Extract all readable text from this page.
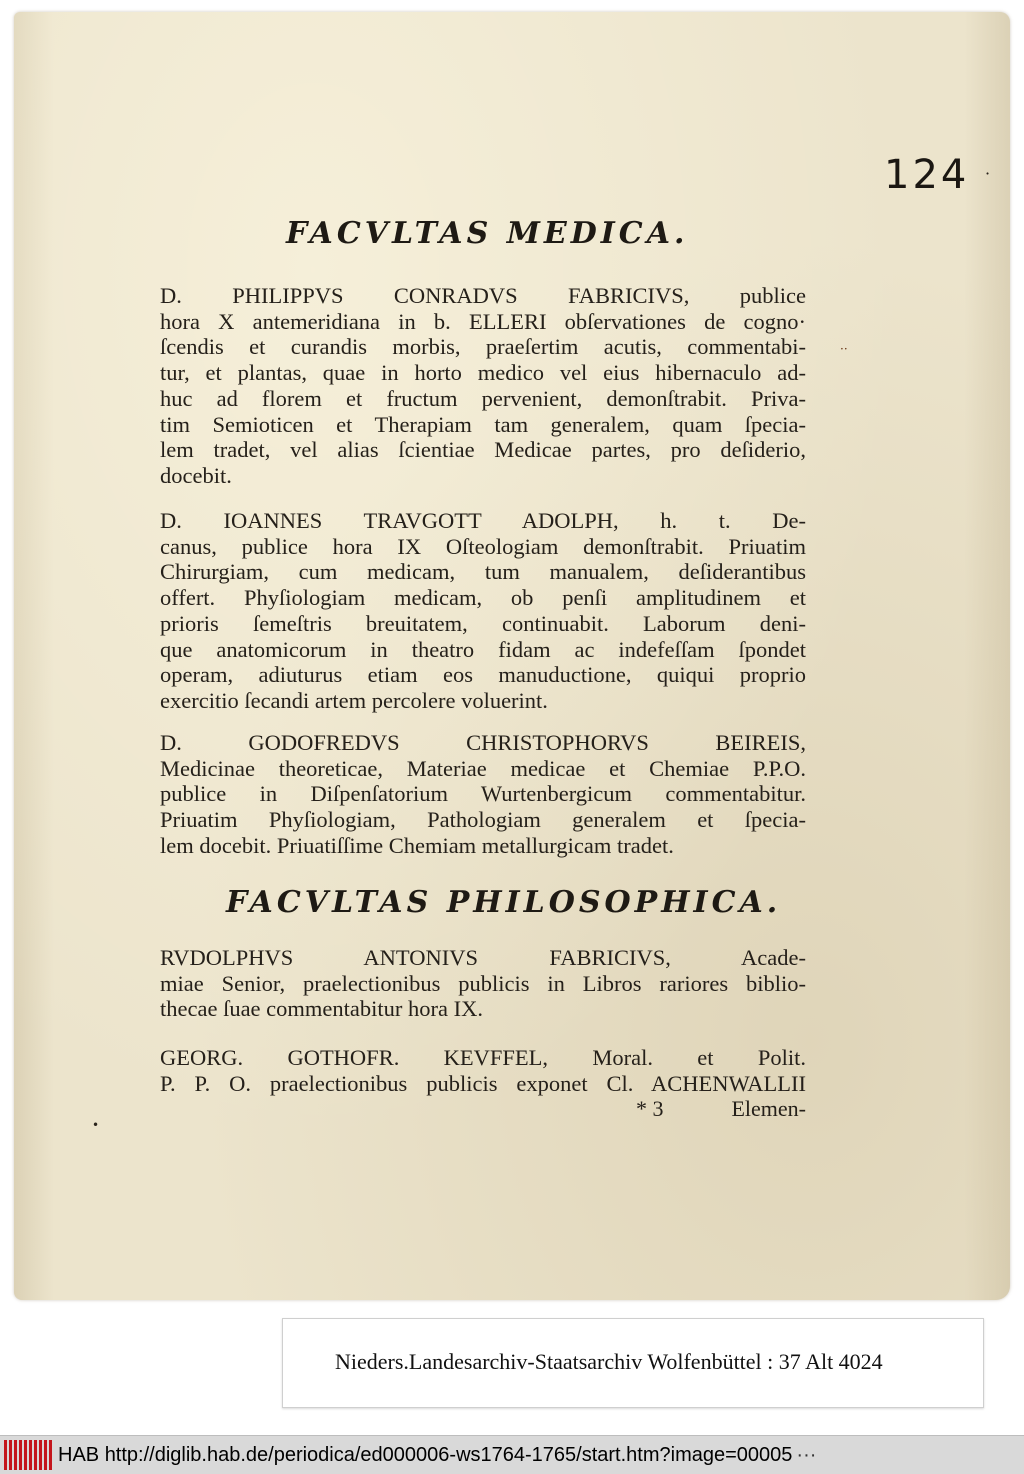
124 ·
FACVLTAS MEDICA.

D. PHILIPPVS CONRADVS FABRICIVS, publice
hora X antemeridiana in b. ELLERI obſervationes de cogno·
ſcendis et curandis morbis, praeſertim acutis, commentabi-
tur, et plantas, quae in horto medico vel eius hibernaculo ad-
huc ad florem et fructum pervenient, demonſtrabit. Priva-
tim Semioticen et Therapiam tam generalem, quam ſpecia-
lem tradet, vel alias ſcientiae Medicae partes, pro deſiderio,
docebit.

D. IOANNES TRAVGOTT ADOLPH, h. t. De-
canus, publice hora IX Oſteologiam demonſtrabit. Priuatim
Chirurgiam, cum medicam, tum manualem, deſiderantibus
offert. Phyſiologiam medicam, ob penſi amplitudinem et
prioris ſemeſtris breuitatem, continuabit. Laborum deni-
que anatomicorum in theatro fidam ac indefeſſam ſpondet
operam, adiuturus etiam eos manuductione, quiqui proprio
exercitio ſecandi artem percolere voluerint.

D. GODOFREDVS CHRISTOPHORVS BEIREIS,
Medicinae theoreticae, Materiae medicae et Chemiae P.P.O.
publice in Diſpenſatorium Wurtenbergicum commentabitur.
Priuatim Phyſiologiam, Pathologiam generalem et ſpecia-
lem docebit. Priuatiſſime Chemiam metallurgicam tradet.

FACVLTAS PHILOSOPHICA.

RVDOLPHVS ANTONIVS FABRICIVS, Acade-
miae Senior, praelectionibus publicis in Libros rariores biblio-
thecae ſuae commentabitur hora IX.

GEORG. GOTHOFR. KEVFFEL, Moral. et Polit.
P. P. O. praelectionibus publicis exponet Cl. ACHENWALLII

* 3	Elemen-
··
•
Nieders.Landesarchiv-Staatsarchiv Wolfenbüttel : 37 Alt 4024
HAB http://diglib.hab.de/periodica/ed000006-ws1764-1765/start.htm?image=00005 ···
